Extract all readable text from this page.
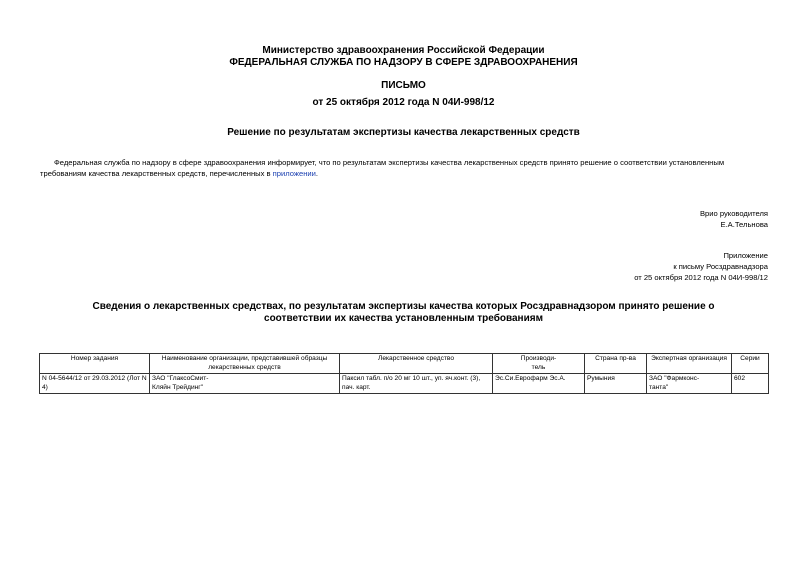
Министерство здравоохранения Российской Федерации
ФЕДЕРАЛЬНАЯ СЛУЖБА ПО НАДЗОРУ В СФЕРЕ ЗДРАВООХРАНЕНИЯ
ПИСЬМО
от 25 октября 2012 года N 04И-998/12
Решение по результатам экспертизы качества лекарственных средств
Федеральная служба по надзору в сфере здравоохранения информирует, что по результатам экспертизы качества лекарственных средств принято решение о соответствии установленным требованиям качества лекарственных средств, перечисленных в приложении.
Врио руководителя
Е.А.Тельнова
Приложение
к письму Росздравнадзора
от 25 октября 2012 года N 04И-998/12
Сведения о лекарственных средствах, по результатам экспертизы качества которых Росздравнадзором принято решение о соответствии их качества установленным требованиям
Номер задания	Наименование организации, представившей образцы лекарственных средств	Лекарственное средство	Производи-
тель	Страна пр-ва	Экспертная организация	Серии
N 04-5644/12 от 29.03.2012 (Лот N 4)	ЗАО "ГлаксоСмит-
Кляйн Трейдинг"	Паксил табл. п/о 20 мг 10 шт., уп. яч.конт. (3), пач. карт.	Эс.Си.Еврофарм Эс.А.	Румыния	ЗАО "Фармконс-
танта"	602
